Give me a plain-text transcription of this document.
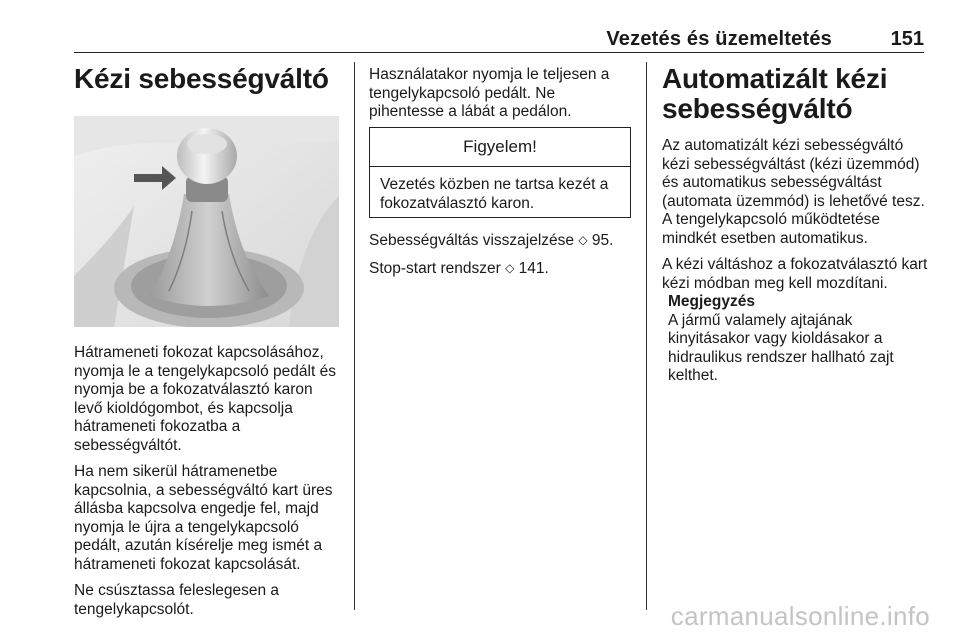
Vezetés és üzemeltetés	151
Kézi sebességváltó

Hátrameneti fokozat kapcsolásához, nyomja le a tengelykapcsoló pedált és nyomja be a fokozatválasztó karon levő kioldógombot, és kapcsolja hátrameneti fokozatba a sebességváltót.

Ha nem sikerül hátramenetbe kapcsolnia, a sebességváltó kart üres állásba kapcsolva engedje fel, majd nyomja le újra a tengelykapcsoló pedált, azután kísérelje meg ismét a hátrameneti fokozat kapcsolását.

Ne csúsztassa feleslegesen a tengelykapcsolót.

Használatakor nyomja le teljesen a tengelykapcsoló pedált. Ne pihentesse a lábát a pedálon.

Figyelem!
Vezetés közben ne tartsa kezét a fokozatválasztó karon.

Sebességváltás visszajelzése ◇ 95.

Stop-start rendszer ◇ 141.

Automatizált kézi sebességváltó

Az automatizált kézi sebességváltó kézi sebességváltást (kézi üzemmód) és automatikus sebességváltást (automata üzemmód) is lehetővé tesz. A tengelykapcsoló működtetése mindkét esetben automatikus.

A kézi váltáshoz a fokozatválasztó kart kézi módban meg kell mozdítani.

Megjegyzés
A jármű valamely ajtajának kinyitásakor vagy kioldásakor a hidraulikus rendszer hallható zajt kelthet.
carmanualsonline.info
